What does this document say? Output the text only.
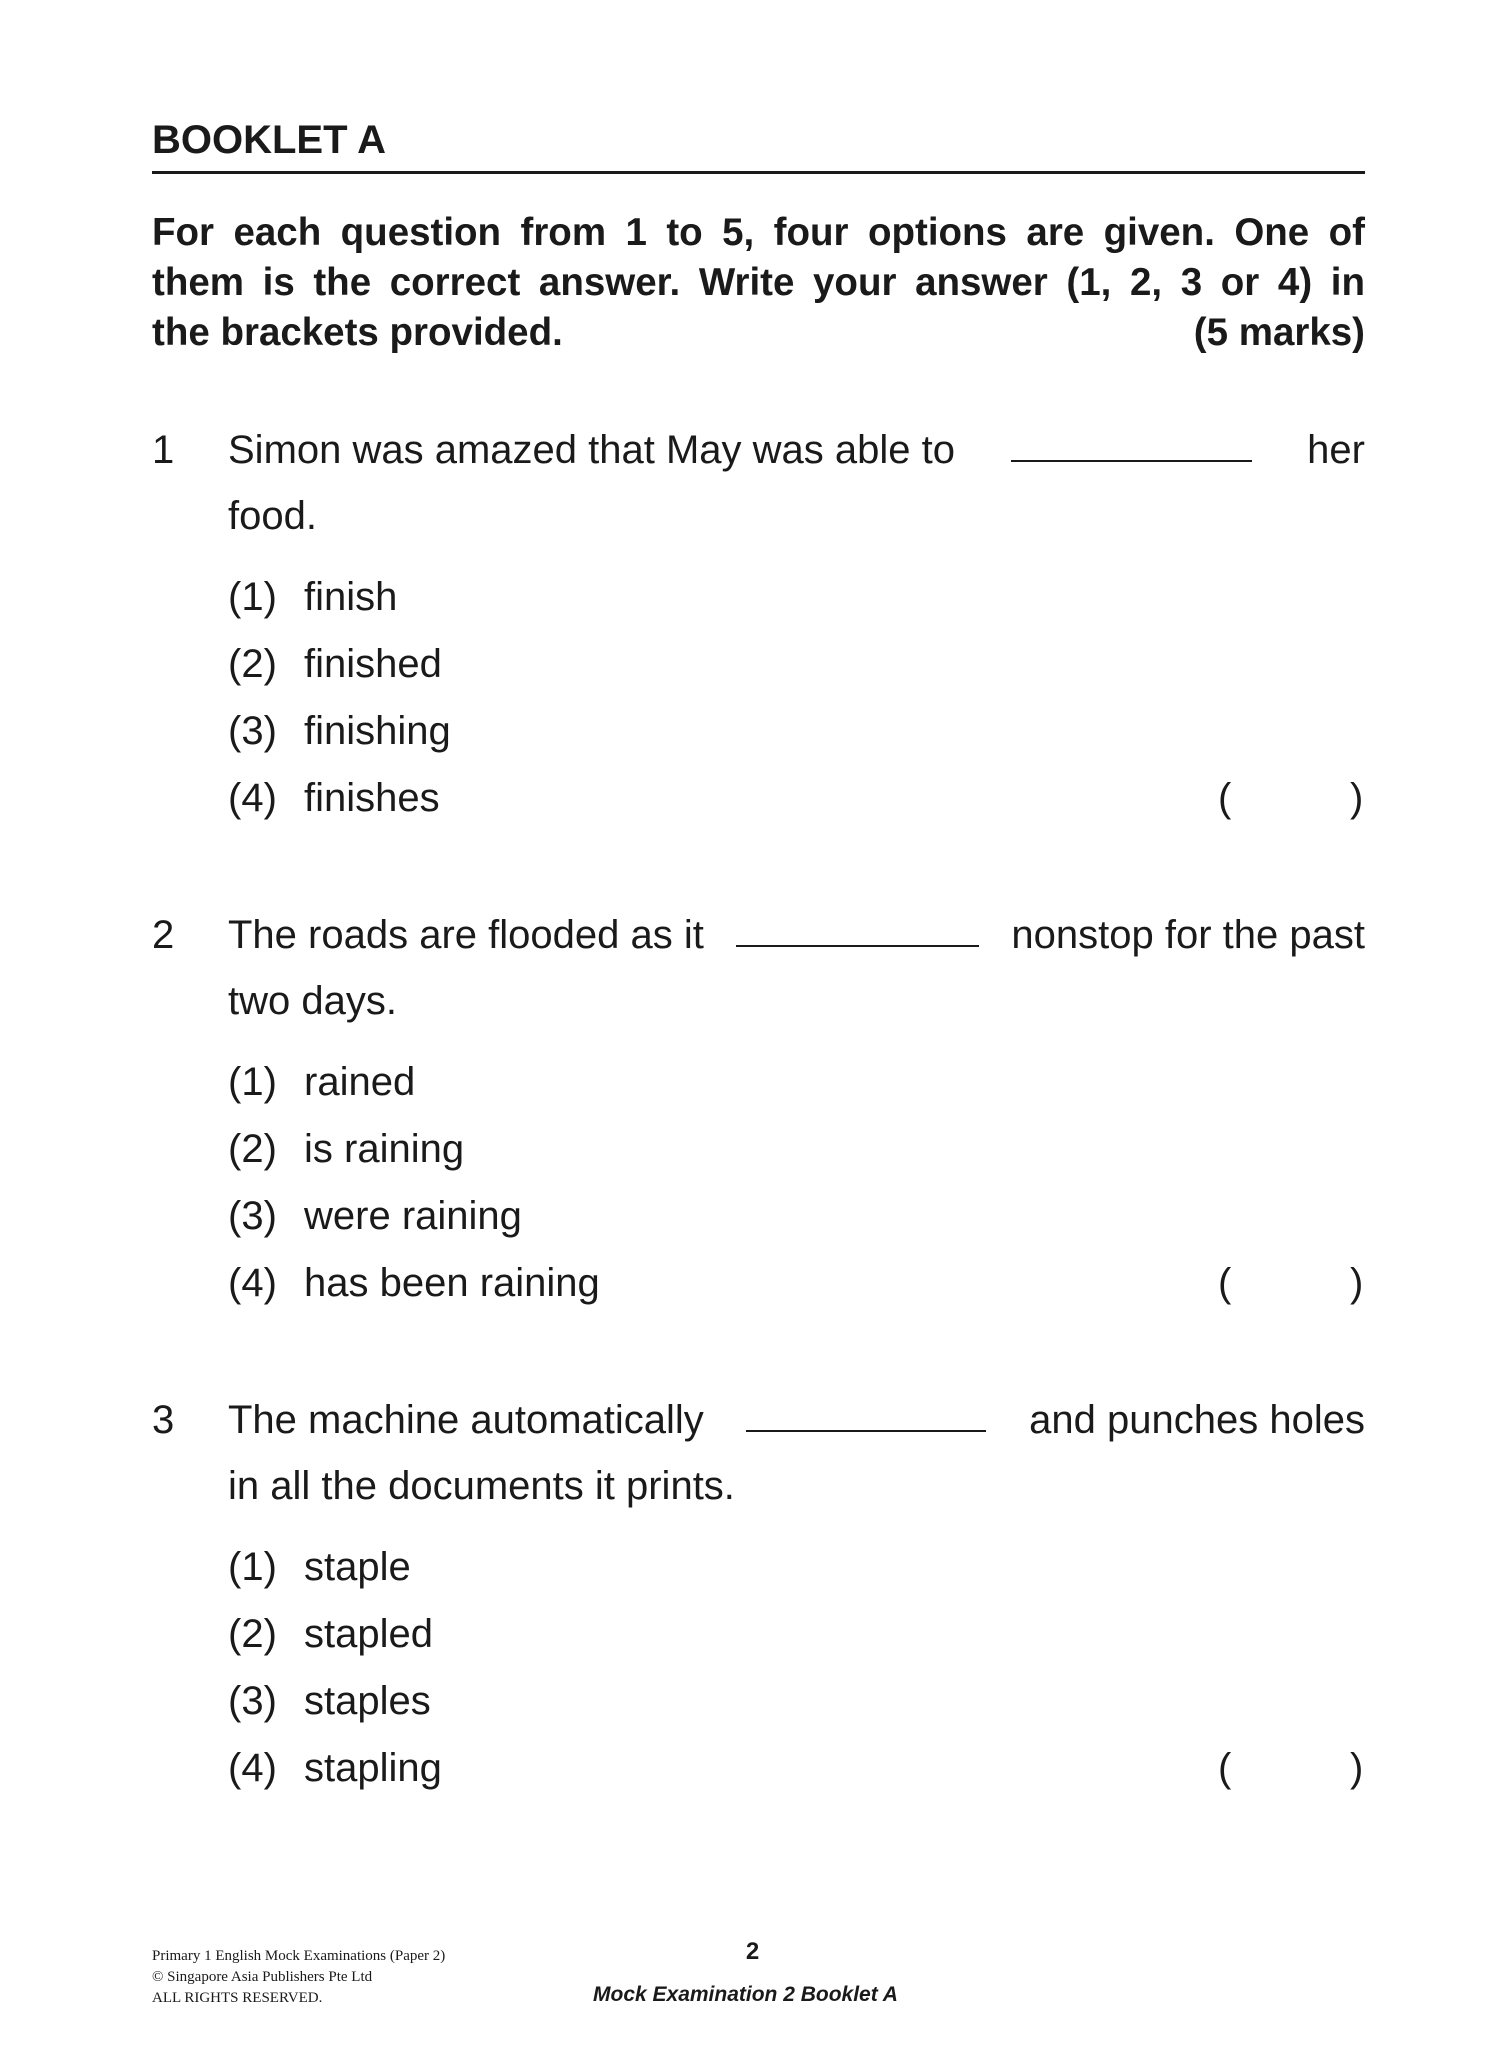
BOOKLET A
For each question from 1 to 5, four options are given. One of
them is the correct answer. Write your answer (1, 2, 3 or 4) in
the brackets provided.	(5 marks)
1 Simon was amazed that May was able to	her
food.
(1) finish
(2) finished
(3) finishing
(4) finishes	(	)
2 The roads are flooded as it	nonstop for the past
two days.
(1) rained
(2) is raining
(3) were raining
(4) has been raining	(	)
3 The machine automatically	and punches holes
in all the documents it prints.
(1) staple
(2) stapled
(3) staples
(4) stapling	(	)
Primary 1 English Mock Examinations (Paper 2)
© Singapore Asia Publishers Pte Ltd
ALL RIGHTS RESERVED.
2
Mock Examination 2 Booklet A
